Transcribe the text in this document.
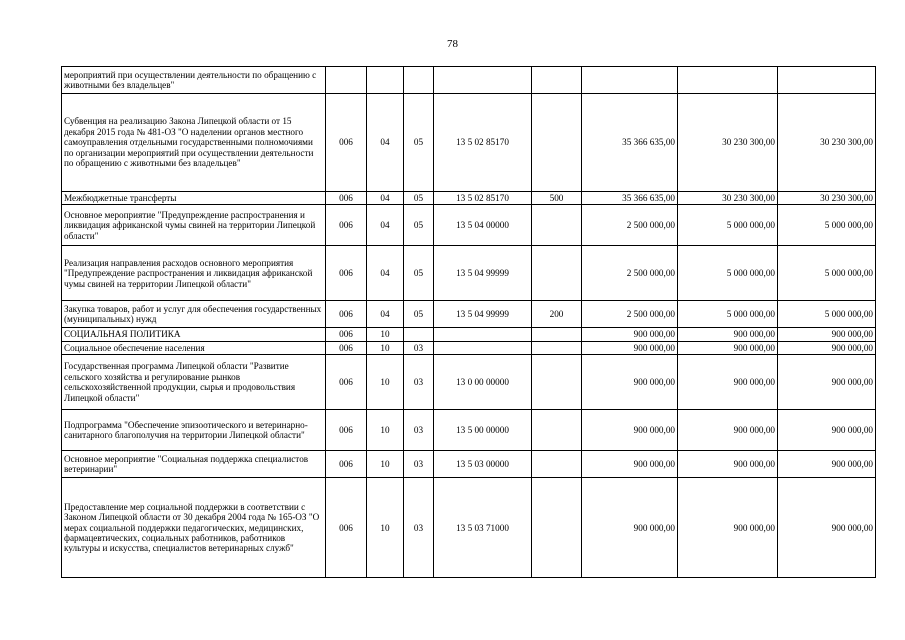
78
мероприятий при осуществлении деятельности по обращению с животными без владельцев"								
Субвенция на реализацию Закона Липецкой области от 15 декабря 2015 года № 481-ОЗ "О наделении органов местного самоуправления отдельными государственными полномочиями по организации мероприятий при осуществлении деятельности по обращению с животными без владельцев"	006	04	05	13 5 02 85170		35 366 635,00	30 230 300,00	30 230 300,00
Межбюджетные трансферты	006	04	05	13 5 02 85170	500	35 366 635,00	30 230 300,00	30 230 300,00
Основное мероприятие "Предупреждение распространения и ликвидация африканской чумы свиней на территории Липецкой области"	006	04	05	13 5 04 00000		2 500 000,00	5 000 000,00	5 000 000,00
Реализация направления расходов основного мероприятия "Предупреждение распространения и ликвидация африканской чумы свиней на территории Липецкой области"	006	04	05	13 5 04 99999		2 500 000,00	5 000 000,00	5 000 000,00
Закупка товаров, работ и услуг для обеспечения государственных (муниципальных) нужд	006	04	05	13 5 04 99999	200	2 500 000,00	5 000 000,00	5 000 000,00
СОЦИАЛЬНАЯ ПОЛИТИКА	006	10				900 000,00	900 000,00	900 000,00
Социальное обеспечение населения	006	10	03			900 000,00	900 000,00	900 000,00
Государственная программа Липецкой области "Развитие сельского хозяйства и регулирование рынков сельскохозяйственной продукции, сырья и продовольствия Липецкой области"	006	10	03	13 0 00 00000		900 000,00	900 000,00	900 000,00
Подпрограмма "Обеспечение эпизоотического и ветеринарно-санитарного благополучия на территории Липецкой области"	006	10	03	13 5 00 00000		900 000,00	900 000,00	900 000,00
Основное мероприятие "Социальная поддержка специалистов ветеринарии"	006	10	03	13 5 03 00000		900 000,00	900 000,00	900 000,00
Предоставление мер социальной поддержки в соответствии с Законом Липецкой области от 30 декабря 2004 года № 165-ОЗ "О мерах социальной поддержки педагогических, медицинских, фармацевтических, социальных работников, работников культуры и искусства, специалистов ветеринарных служб"	006	10	03	13 5 03 71000		900 000,00	900 000,00	900 000,00
